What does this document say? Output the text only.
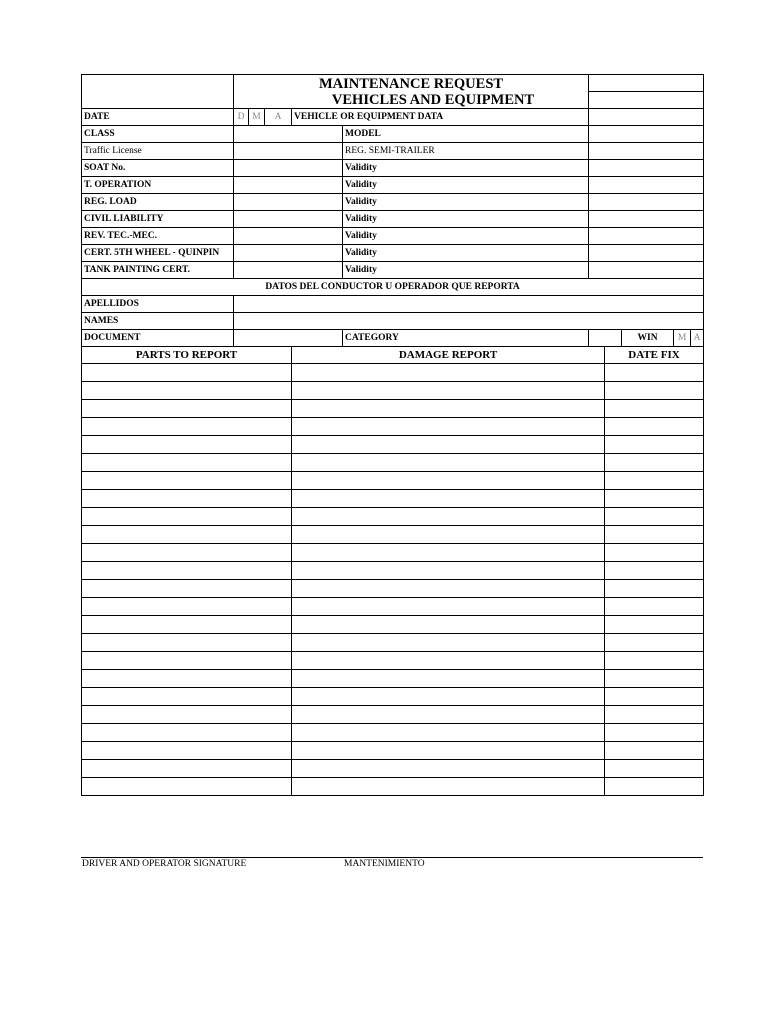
	MAINTENANCE REQUEST
VEHICLES AND EQUIPMENT								

DATE	D	M	A	VEHICLE OR EQUIPMENT DATA					
CLASS					MODEL				
Traffic License					REG. SEMI-TRAILER				
SOAT No.					Validity				
T. OPERATION					Validity				
REG. LOAD					Validity				
CIVIL LIABILITY					Validity				
REV. TEC.-MEC.					Validity				
CERT. 5TH WHEEL - QUINPIN					Validity				
TANK PAINTING CERT.					Validity				
DATOS DEL CONDUCTOR U OPERADOR QUE REPORTA									
APELLIDOS									
NAMES									
DOCUMENT					CATEGORY		WIN	M	A
PARTS TO REPORT	DAMAGE REPORT	DATE FIX

DRIVER AND OPERATOR SIGNATURE	MANTENIMIENTO
